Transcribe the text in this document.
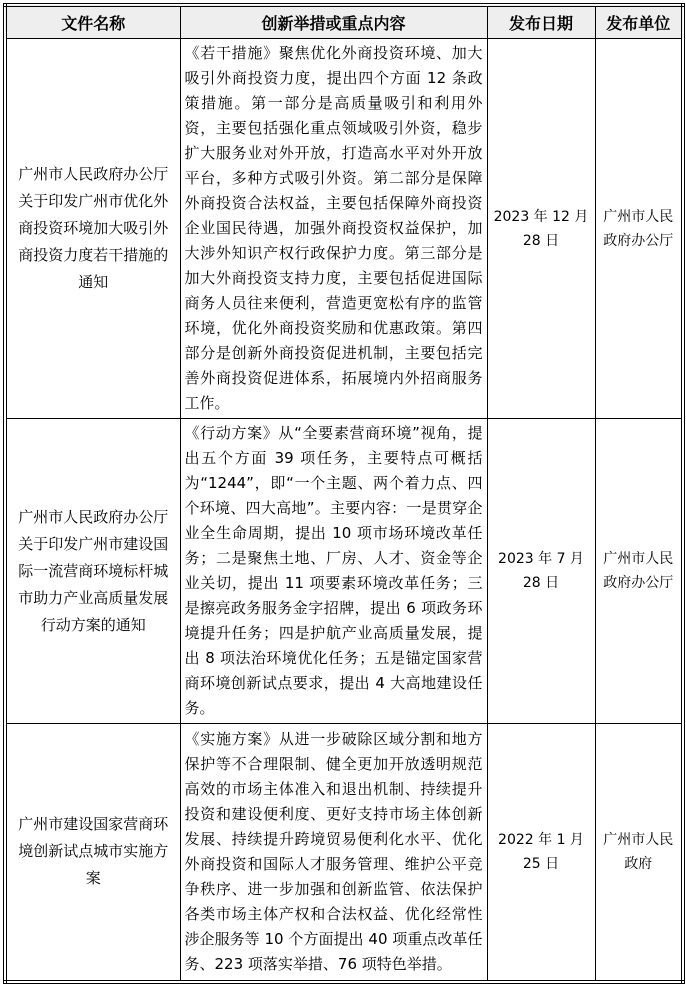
文件名称	创新举措或重点内容	发布日期	发布单位
广州市人民政府办公厅关于印发广州市优化外商投资环境加大吸引外商投资力度若干措施的通知	《若干措施》聚焦优化外商投资环境、加大吸引外商投资力度，提出四个方面 12 条政策措施。第一部分是高质量吸引和利用外资，主要包括强化重点领域吸引外资，稳步扩大服务业对外开放，打造高水平对外开放平台，多种方式吸引外资。第二部分是保障外商投资合法权益，主要包括保障外商投资企业国民待遇，加强外商投资权益保护，加大涉外知识产权行政保护力度。第三部分是加大外商投资支持力度，主要包括促进国际商务人员往来便利，营造更宽松有序的监管环境，优化外商投资奖励和优惠政策。第四部分是创新外商投资促进机制，主要包括完善外商投资促进体系，拓展境内外招商服务工作。	2023 年 12 月 28 日	广州市人民政府办公厅
广州市人民政府办公厅关于印发广州市建设国际一流营商环境标杆城市助力产业高质量发展行动方案的通知	《行动方案》从“全要素营商环境”视角，提出五个方面 39 项任务，主要特点可概括为“1244”，即“一个主题、两个着力点、四个环境、四大高地”。主要内容：一是贯穿企业全生命周期，提出 10 项市场环境改革任务；二是聚焦土地、厂房、人才、资金等企业关切，提出 11 项要素环境改革任务；三是擦亮政务服务金字招牌，提出 6 项政务环境提升任务；四是护航产业高质量发展，提出 8 项法治环境优化任务；五是锚定国家营商环境创新试点要求，提出 4 大高地建设任务。	2023 年 7 月 28 日	广州市人民政府办公厅
广州市建设国家营商环境创新试点城市实施方案	《实施方案》从进一步破除区域分割和地方保护等不合理限制、健全更加开放透明规范高效的市场主体准入和退出机制、持续提升投资和建设便利度、更好支持市场主体创新发展、持续提升跨境贸易便利化水平、优化外商投资和国际人才服务管理、维护公平竞争秩序、进一步加强和创新监管、依法保护各类市场主体产权和合法权益、优化经常性涉企服务等 10 个方面提出 40 项重点改革任务、223 项落实举措、76 项特色举措。	2022 年 1 月 25 日	广州市人民政府
